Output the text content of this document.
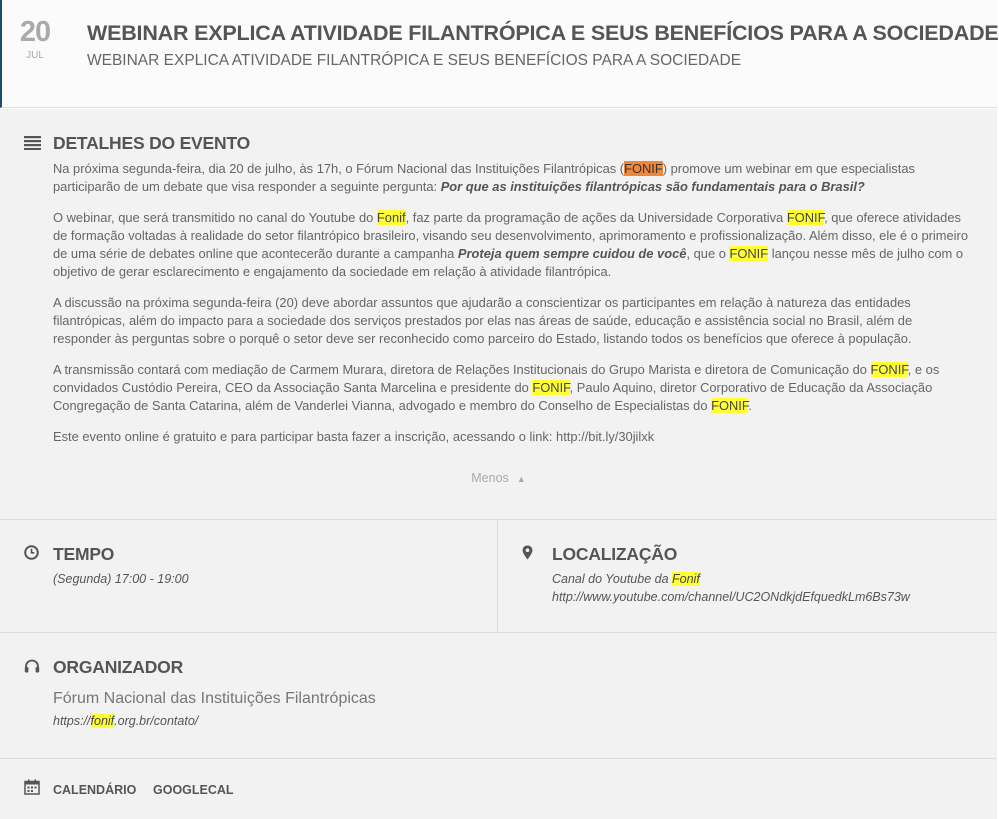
20
JUL
WEBINAR EXPLICA ATIVIDADE FILANTRÓPICA E SEUS BENEFÍCIOS PARA A SOCIEDADE
WEBINAR EXPLICA ATIVIDADE FILANTRÓPICA E SEUS BENEFÍCIOS PARA A SOCIEDADE
DETALHES DO EVENTO

Na próxima segunda-feira, dia 20 de julho, às 17h, o Fórum Nacional das Instituições Filantrópicas (FONIF) promove um webinar em que especialistas participarão de um debate que visa responder a seguinte pergunta: Por que as instituições filantrópicas são fundamentais para o Brasil?

O webinar, que será transmitido no canal do Youtube do Fonif, faz parte da programação de ações da Universidade Corporativa FONIF, que oferece atividades de formação voltadas à realidade do setor filantrópico brasileiro, visando seu desenvolvimento, aprimoramento e profissionalização. Além disso, ele é o primeiro de uma série de debates online que acontecerão durante a campanha Proteja quem sempre cuidou de você, que o FONIF lançou nesse mês de julho com o objetivo de gerar esclarecimento e engajamento da sociedade em relação à atividade filantrópica.

A discussão na próxima segunda-feira (20) deve abordar assuntos que ajudarão a conscientizar os participantes em relação à natureza das entidades filantrópicas, além do impacto para a sociedade dos serviços prestados por elas nas áreas de saúde, educação e assistência social no Brasil, além de responder às perguntas sobre o porquê o setor deve ser reconhecido como parceiro do Estado, listando todos os benefícios que oferece à população.

A transmissão contará com mediação de Carmem Murara, diretora de Relações Institucionais do Grupo Marista e diretora de Comunicação do FONIF, e os convidados Custódio Pereira, CEO da Associação Santa Marcelina e presidente do FONIF, Paulo Aquino, diretor Corporativo de Educação da Associação Congregação de Santa Catarina, além de Vanderlei Vianna, advogado e membro do Conselho de Especialistas do FONIF.

Este evento online é gratuito e para participar basta fazer a inscrição, acessando o link: http://bit.ly/30jilxk

Menos ▲
TEMPO
(Segunda) 17:00 - 19:00
LOCALIZAÇÃO
Canal do Youtube da Fonif
http://www.youtube.com/channel/UC2ONdkjdEfquedkLm6Bs73w
ORGANIZADOR
Fórum Nacional das Instituições Filantrópicas
https://fonif.org.br/contato/
CALENDÁRIO GOOGLECAL
